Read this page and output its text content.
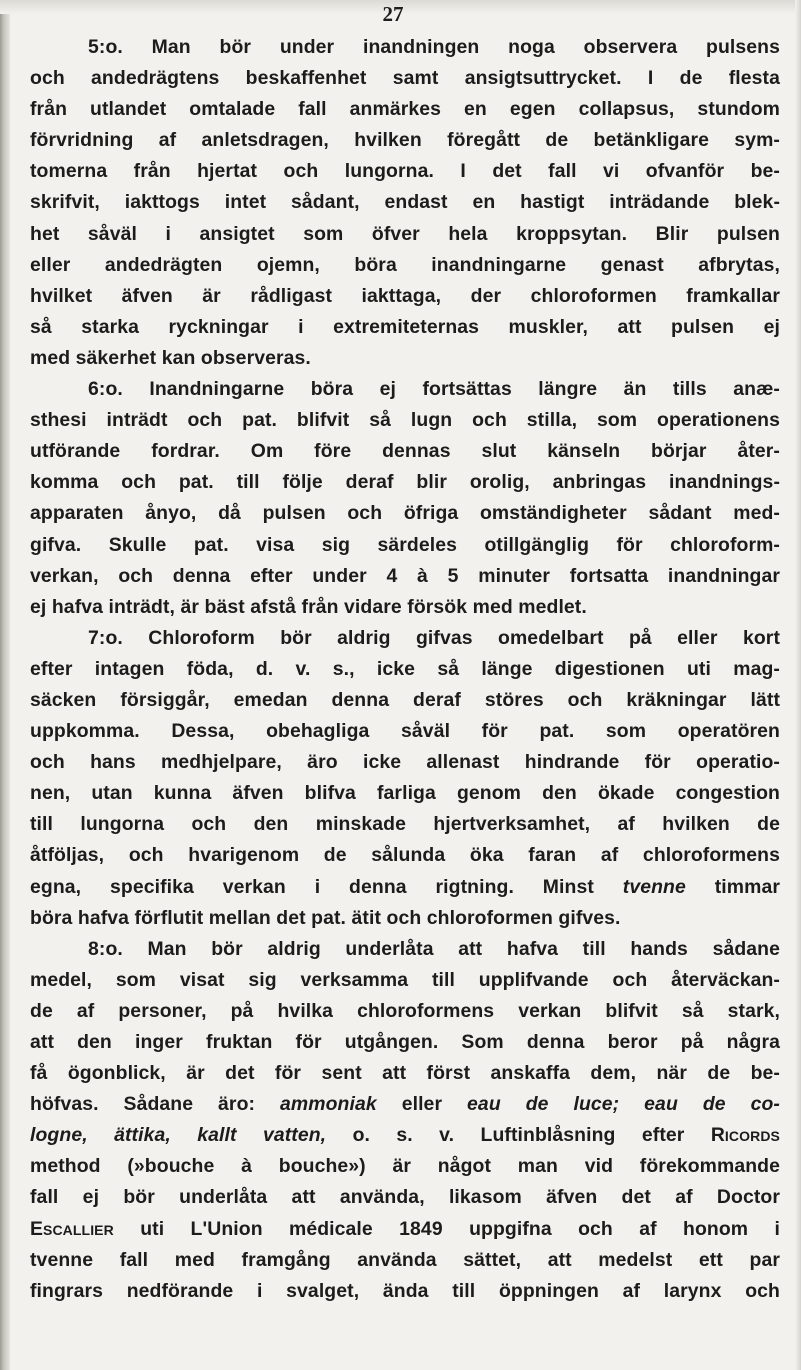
27
5:o. Man bör under inandningen noga observera pulsens
och andedrägtens beskaffenhet samt ansigtsuttrycket. I de flesta
från utlandet omtalade fall anmärkes en egen collapsus, stundom
förvridning af anletsdragen, hvilken föregått de betänkligare sym-
tomerna från hjertat och lungorna. I det fall vi ofvanför be-
skrifvit, iakttogs intet sådant, endast en hastigt inträdande blek-
het såväl i ansigtet som öfver hela kroppsytan. Blir pulsen
eller andedrägten ojemn, böra inandningarne genast afbrytas,
hvilket äfven är rådligast iakttaga, der chloroformen framkallar
så starka ryckningar i extremiteternas muskler, att pulsen ej
med säkerhet kan observeras.
6:o. Inandningarne böra ej fortsättas längre än tills anæ-
sthesi inträdt och pat. blifvit så lugn och stilla, som operationens
utförande fordrar. Om före dennas slut känseln börjar åter-
komma och pat. till följe deraf blir orolig, anbringas inandnings-
apparaten ånyo, då pulsen och öfriga omständigheter sådant med-
gifva. Skulle pat. visa sig särdeles otillgänglig för chloroform-
verkan, och denna efter under 4 à 5 minuter fortsatta inandningar
ej hafva inträdt, är bäst afstå från vidare försök med medlet.
7:o. Chloroform bör aldrig gifvas omedelbart på eller kort
efter intagen föda, d. v. s., icke så länge digestionen uti mag-
säcken försiggår, emedan denna deraf störes och kräkningar lätt
uppkomma. Dessa, obehagliga såväl för pat. som operatören
och hans medhjelpare, äro icke allenast hindrande för operatio-
nen, utan kunna äfven blifva farliga genom den ökade congestion
till lungorna och den minskade hjertverksamhet, af hvilken de
åtföljas, och hvarigenom de sålunda öka faran af chloroformens
egna, specifika verkan i denna rigtning. Minst tvenne timmar
böra hafva förflutit mellan det pat. ätit och chloroformen gifves.
8:o. Man bör aldrig underlåta att hafva till hands sådane
medel, som visat sig verksamma till upplifvande och återväckan-
de af personer, på hvilka chloroformens verkan blifvit så stark,
att den inger fruktan för utgången. Som denna beror på några
få ögonblick, är det för sent att först anskaffa dem, när de be-
höfvas. Sådane äro: ammoniak eller eau de luce; eau de co-
logne, ättika, kallt vatten, o. s. v. Luftinblåsning efter Ricords
method (»bouche à bouche») är något man vid förekommande
fall ej bör underlåta att använda, likasom äfven det af Doctor
Escallier uti L'Union médicale 1849 uppgifna och af honom i
tvenne fall med framgång använda sättet, att medelst ett par
fingrars nedförande i svalget, ända till öppningen af larynx och
